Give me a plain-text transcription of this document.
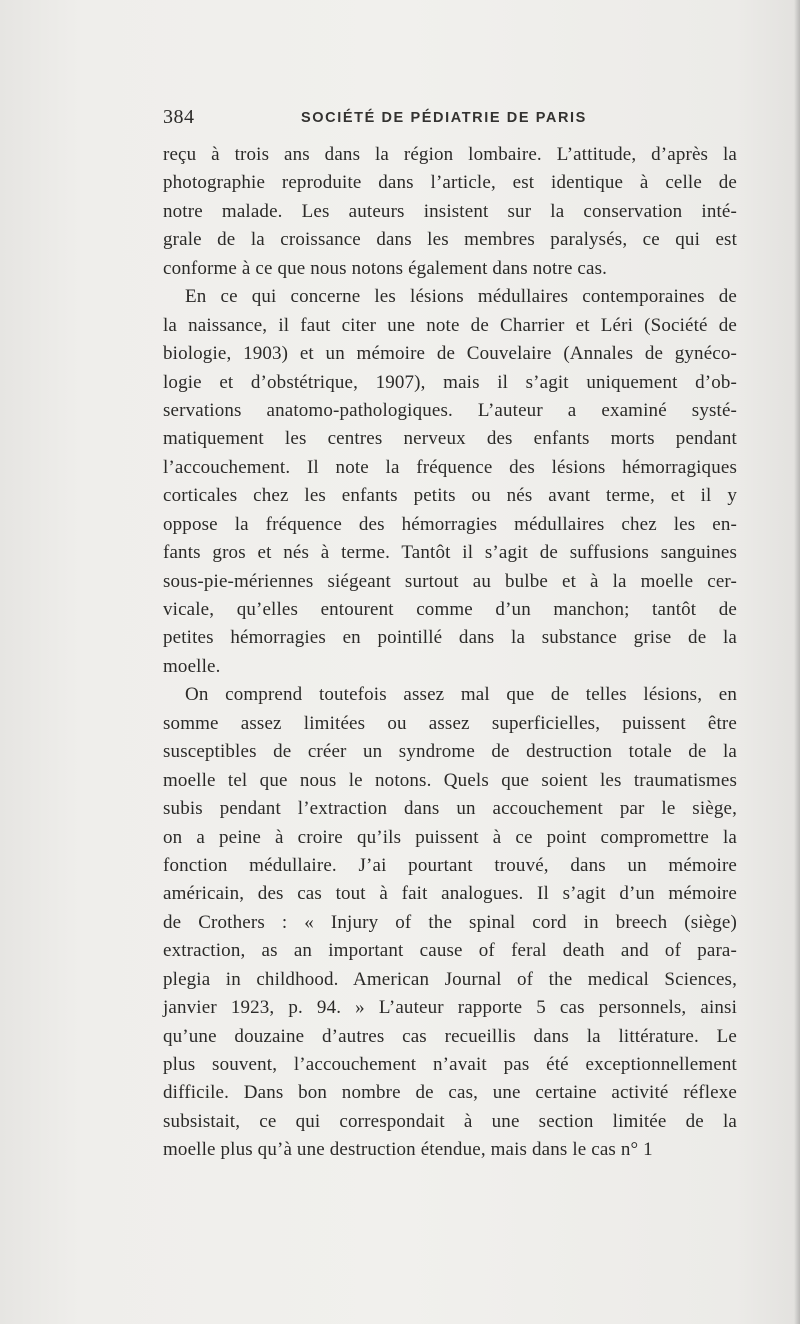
384	SOCIÉTÉ DE PÉDIATRIE DE PARIS
reçu à trois ans dans la région lombaire. L’attitude, d’après la
photographie reproduite dans l’article, est identique à celle de
notre malade. Les auteurs insistent sur la conservation inté-
grale de la croissance dans les membres paralysés, ce qui est
conforme à ce que nous notons également dans notre cas.
En ce qui concerne les lésions médullaires contemporaines de
la naissance, il faut citer une note de Charrier et Léri (Société de
biologie, 1903) et un mémoire de Couvelaire (Annales de gynéco-
logie et d’obstétrique, 1907), mais il s’agit uniquement d’ob-
servations anatomo-pathologiques. L’auteur a examiné systé-
matiquement les centres nerveux des enfants morts pendant
l’accouchement. Il note la fréquence des lésions hémorragiques
corticales chez les enfants petits ou nés avant terme, et il y
oppose la fréquence des hémorragies médullaires chez les en-
fants gros et nés à terme. Tantôt il s’agit de suffusions sanguines
sous-pie-mériennes siégeant surtout au bulbe et à la moelle cer-
vicale, qu’elles entourent comme d’un manchon; tantôt de
petites hémorragies en pointillé dans la substance grise de la
moelle.
On comprend toutefois assez mal que de telles lésions, en
somme assez limitées ou assez superficielles, puissent être
susceptibles de créer un syndrome de destruction totale de la
moelle tel que nous le notons. Quels que soient les traumatismes
subis pendant l’extraction dans un accouchement par le siège,
on a peine à croire qu’ils puissent à ce point compromettre la
fonction médullaire. J’ai pourtant trouvé, dans un mémoire
américain, des cas tout à fait analogues. Il s’agit d’un mémoire
de Crothers : « Injury of the spinal cord in breech (siège)
extraction, as an important cause of feral death and of para-
plegia in childhood. American Journal of the medical Sciences,
janvier 1923, p. 94. » L’auteur rapporte 5 cas personnels, ainsi
qu’une douzaine d’autres cas recueillis dans la littérature. Le
plus souvent, l’accouchement n’avait pas été exceptionnellement
difficile. Dans bon nombre de cas, une certaine activité réflexe
subsistait, ce qui correspondait à une section limitée de la
moelle plus qu’à une destruction étendue, mais dans le cas n° 1
